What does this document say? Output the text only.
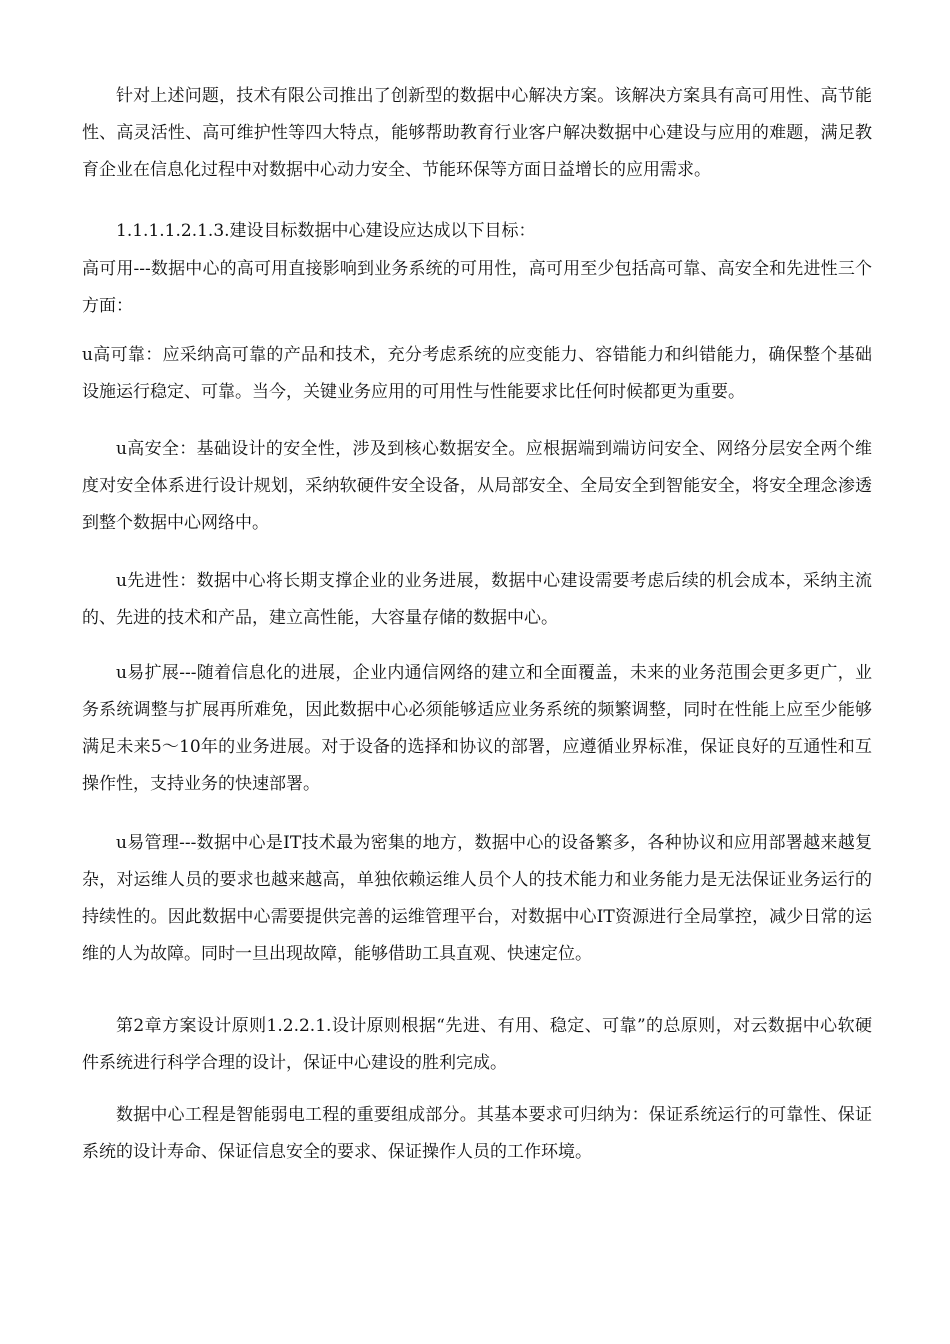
针对上述问题，技术有限公司推出了创新型的数据中心解决方案。该解决方案具有高可用性、高节能性、高灵活性、高可维护性等四大特点，能够帮助教育行业客户解决数据中心建设与应用的难题，满足教育企业在信息化过程中对数据中心动力安全、节能环保等方面日益增长的应用需求。

1.1.1.1.2.1.3.建设目标数据中心建设应达成以下目标：

高可用---数据中心的高可用直接影响到业务系统的可用性，高可用至少包括高可靠、高安全和先进性三个方面：

u高可靠：应采纳高可靠的产品和技术，充分考虑系统的应变能力、容错能力和纠错能力，确保整个基础设施运行稳定、可靠。当今，关键业务应用的可用性与性能要求比任何时候都更为重要。

u高安全：基础设计的安全性，涉及到核心数据安全。应根据端到端访问安全、网络分层安全两个维度对安全体系进行设计规划，采纳软硬件安全设备，从局部安全、全局安全到智能安全，将安全理念渗透到整个数据中心网络中。

u先进性：数据中心将长期支撑企业的业务进展，数据中心建设需要考虑后续的机会成本，采纳主流的、先进的技术和产品，建立高性能，大容量存储的数据中心。

u易扩展---随着信息化的进展，企业内通信网络的建立和全面覆盖，未来的业务范围会更多更广，业务系统调整与扩展再所难免，因此数据中心必须能够适应业务系统的频繁调整，同时在性能上应至少能够满足未来5～10年的业务进展。对于设备的选择和协议的部署，应遵循业界标准，保证良好的互通性和互操作性，支持业务的快速部署。

u易管理---数据中心是IT技术最为密集的地方，数据中心的设备繁多，各种协议和应用部署越来越复杂，对运维人员的要求也越来越高，单独依赖运维人员个人的技术能力和业务能力是无法保证业务运行的持续性的。因此数据中心需要提供完善的运维管理平台，对数据中心IT资源进行全局掌控，减少日常的运维的人为故障。同时一旦出现故障，能够借助工具直观、快速定位。

第2章方案设计原则1.2.2.1.设计原则根据“先进、有用、稳定、可靠”的总原则，对云数据中心软硬件系统进行科学合理的设计，保证中心建设的胜利完成。

数据中心工程是智能弱电工程的重要组成部分。其基本要求可归纳为：保证系统运行的可靠性、保证系统的设计寿命、保证信息安全的要求、保证操作人员的工作环境。
